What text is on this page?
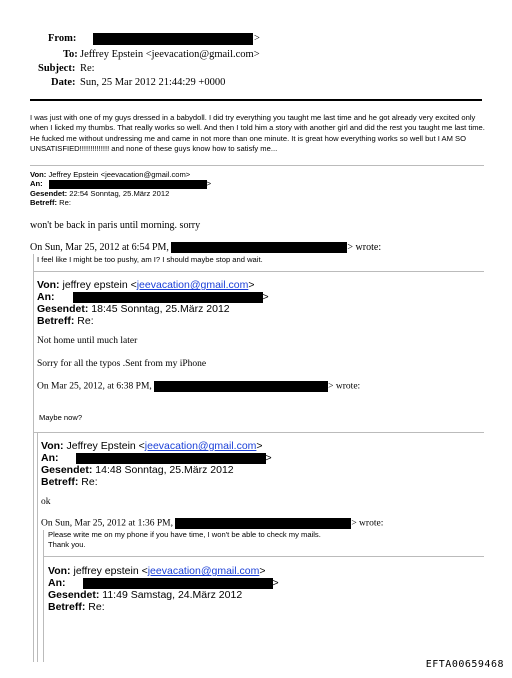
From:	>
To: Jeffrey Epstein <jeevacation@gmail.com>
Subject: Re:
Date: Sun, 25 Mar 2012 21:44:29 +0000
I was just with one of my guys dressed in a babydoll. I did try everything you taught me last time and he got already very excited only when I licked my thumbs. That really works so well. And then I told him a story with another girl and did the rest you taught me last time. He fucked me without undressing me and came in not more than one minute. It is great how everything works so well but I AM SO UNSATISFIED!!!!!!!!!!!!!! and none of these guys know how to satisfy me...
Von: Jeffrey Epstein <jeevacation@gmail.com>
An:	>
Gesendet: 22:54 Sonntag, 25.März 2012
Betreff: Re:
won't be back in paris until morning. sorry
On Sun, Mar 25, 2012 at 6:54 PM,	> wrote:
I feel like I might be too pushy, am I? I should maybe stop and wait.
Von: jeffrey epstein <jeevacation@gmail.com>
An:	>
Gesendet: 18:45 Sonntag, 25.März 2012
Betreff: Re:
Not home until much later
Sorry for all the typos .Sent from my iPhone
On Mar 25, 2012, at 6:38 PM,	> wrote:
Maybe now?
Von: Jeffrey Epstein <jeevacation@gmail.com>
An:	>
Gesendet: 14:48 Sonntag, 25.März 2012
Betreff: Re:
ok
On Sun, Mar 25, 2012 at 1:36 PM,	> wrote:
Please write me on my phone if you have time, I won't be able to check my mails.
Thank you.
Von: jeffrey epstein <jeevacation@gmail.com>
An:	>
Gesendet: 11:49 Samstag, 24.März 2012
Betreff: Re:
EFTA00659468
